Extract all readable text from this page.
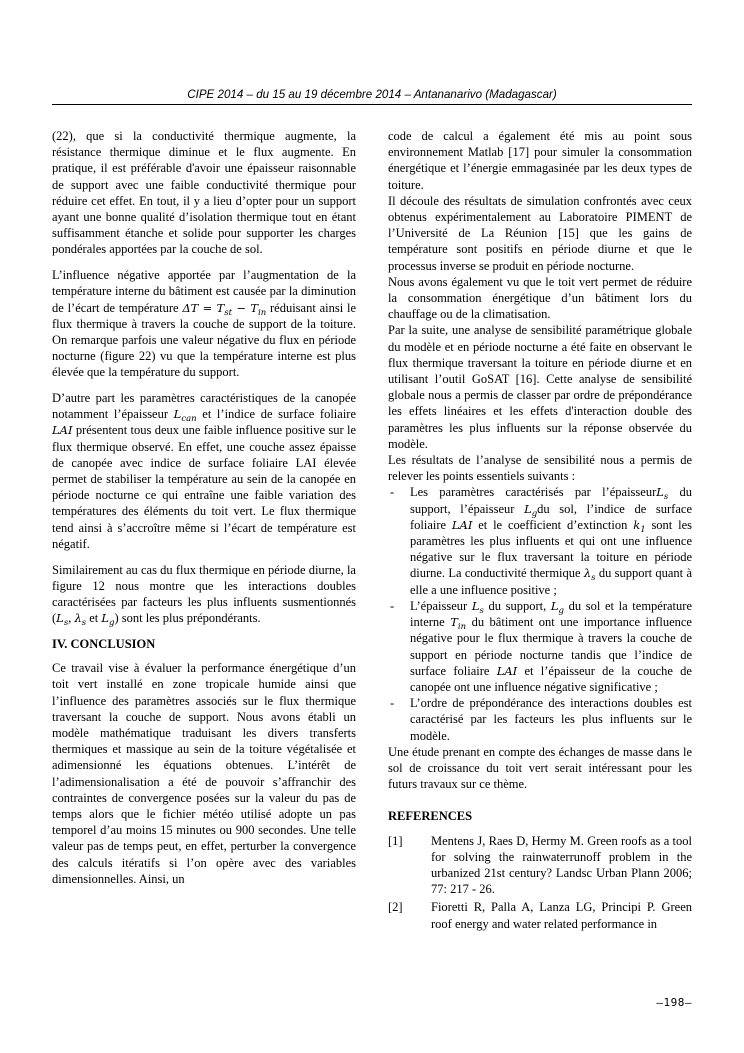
CIPE 2014 – du 15 au 19 décembre 2014 – Antananarivo (Madagascar)

(22), que si la conductivité thermique augmente, la résistance thermique diminue et le flux augmente. En pratique, il est préférable d'avoir une épaisseur raisonnable de support avec une faible conductivité thermique pour réduire cet effet. En tout, il y a lieu d’opter pour un support ayant une bonne qualité d’isolation thermique tout en étant suffisamment étanche et solide pour supporter les charges pondérales apportées par la couche de sol.

L’influence négative apportée par l’augmentation de la température interne du bâtiment est causée par la diminution de l’écart de température $\Delta T = T_{st} - T_{in}$ réduisant ainsi le flux thermique à travers la couche de support de la toiture. On remarque parfois une valeur négative du flux en période nocturne (figure 22) vu que la température interne est plus élevée que la température du support.

D’autre part les paramètres caractéristiques de la canopée notamment l’épaisseur $L_{can}$ et l’indice de surface foliaire LAI présentent tous deux une faible influence positive sur le flux thermique observé. En effet, une couche assez épaisse de canopée avec indice de surface foliaire LAI élevée permet de stabiliser la température au sein de la canopée en période nocturne ce qui entraîne une faible variation des températures des éléments du toit vert. Le flux thermique tend ainsi à s’accroître même si l’écart de température est négatif.

Similairement au cas du flux thermique en période diurne, la figure 12 nous montre que les interactions doubles caractérisées par facteurs les plus influents susmentionnés ($L_s$, $\lambda_s$ et $L_g$) sont les plus prépondérants.

IV. CONCLUSION

Ce travail vise à évaluer la performance énergétique d’un toit vert installé en zone tropicale humide ainsi que l’influence des paramètres associés sur le flux thermique traversant la couche de support. Nous avons établi un modèle mathématique traduisant les divers transferts thermiques et massique au sein de la toiture végétalisée et adimensionné les équations obtenues. L’intérêt de l’adimensionalisation a été de pouvoir s’affranchir des contraintes de convergence posées sur la valeur du pas de temps alors que le fichier météo utilisé adopte un pas temporel d’au moins 15 minutes ou 900 secondes. Une telle valeur pas de temps peut, en effet, perturber la convergence des calculs itératifs si l’on opère avec des variables dimensionnelles. Ainsi, un

code de calcul a également été mis au point sous environnement Matlab [17] pour simuler la consommation énergétique et l’énergie emmagasinée par les deux types de toiture.

Il découle des résultats de simulation confrontés avec ceux obtenus expérimentalement au Laboratoire PIMENT de l’Université de La Réunion [15] que les gains de température sont positifs en période diurne et que le processus inverse se produit en période nocturne.

Nous avons également vu que le toit vert permet de réduire la consommation énergétique d’un bâtiment lors du chauffage ou de la climatisation.

Par la suite, une analyse de sensibilité paramétrique globale du modèle et en période nocturne a été faite en observant le flux thermique traversant la toiture en période diurne et en utilisant l’outil GoSAT [16]. Cette analyse de sensibilité globale nous a permis de classer par ordre de prépondérance les effets linéaires et les effets d'interaction double des paramètres les plus influents sur la réponse observée du modèle.

Les résultats de l’analyse de sensibilité nous a permis de relever les points essentiels suivants :

- Les paramètres caractérisés par l’épaisseurL$_s$ du support, l’épaisseur $L_gdu$ sol, l’indice de surface foliaire LAI et le coefficient d’extinction $k_1$ sont les paramètres les plus influents et qui ont une influence négative sur le flux traversant la toiture en période diurne. La conductivité thermique $\lambda_s$ du support quant à elle a une influence positive ;
- L’épaisseur $L_s$ du support, $L_g$ du sol et la température interne $T_{in}$ du bâtiment ont une importance influence négative pour le flux thermique à travers la couche de support en période nocturne tandis que l’indice de surface foliaire LAI et l’épaisseur de la couche de canopée ont une influence négative significative ;
- L’ordre de prépondérance des interactions doubles est caractérisé par les facteurs les plus influents sur le modèle.

Une étude prenant en compte des échanges de masse dans le sol de croissance du toit vert serait intéressant pour les futurs travaux sur ce thème.

REFERENCES
[1] Mentens J, Raes D, Hermy M. Green roofs as a tool for solving the rainwaterrunoff problem in the urbanized 21st century? Landsc Urban Plann 2006; 77: 217 - 26.
[2] Fioretti R, Palla A, Lanza LG, Principi P. Green roof energy and water related performance in
–198–
